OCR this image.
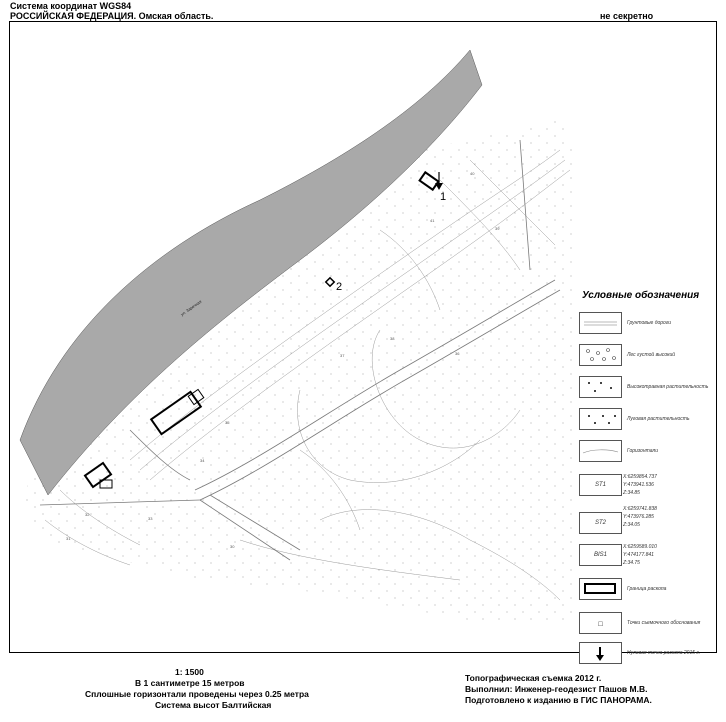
Система координат WGS84
РОССИЙСКАЯ ФЕДЕРАЦИЯ. Омская область.	не секретно
1
2
ул. Заречная
41
40
39
38
37	36
35
34
33
32
31
30
Условные обозначения
Грунтовые дороги
Лес густой высокий
Высокотравная растительность
Луговая растительность
Горизонтали
ST1
X:6259854.737
Y:473941.536
Z:34.85
ST2
X:6259741.838
Y:473976.285
Z:34.05
BIS1
X:6259589.010
Y:474177.841
Z:34.75
Граница раскопа
□	Точки съемочного обоснования
Нулевая точка раскопа 2015 г.
1: 1500
В 1 сантиметре 15 метров
Сплошные горизонтали проведены через 0.25 метра
Система высот Балтийская
Топографическая съемка 2012 г.
Выполнил: Инженер-геодезист Пашов М.В.
Подготовлено к изданию в ГИС ПАНОРАМА.
